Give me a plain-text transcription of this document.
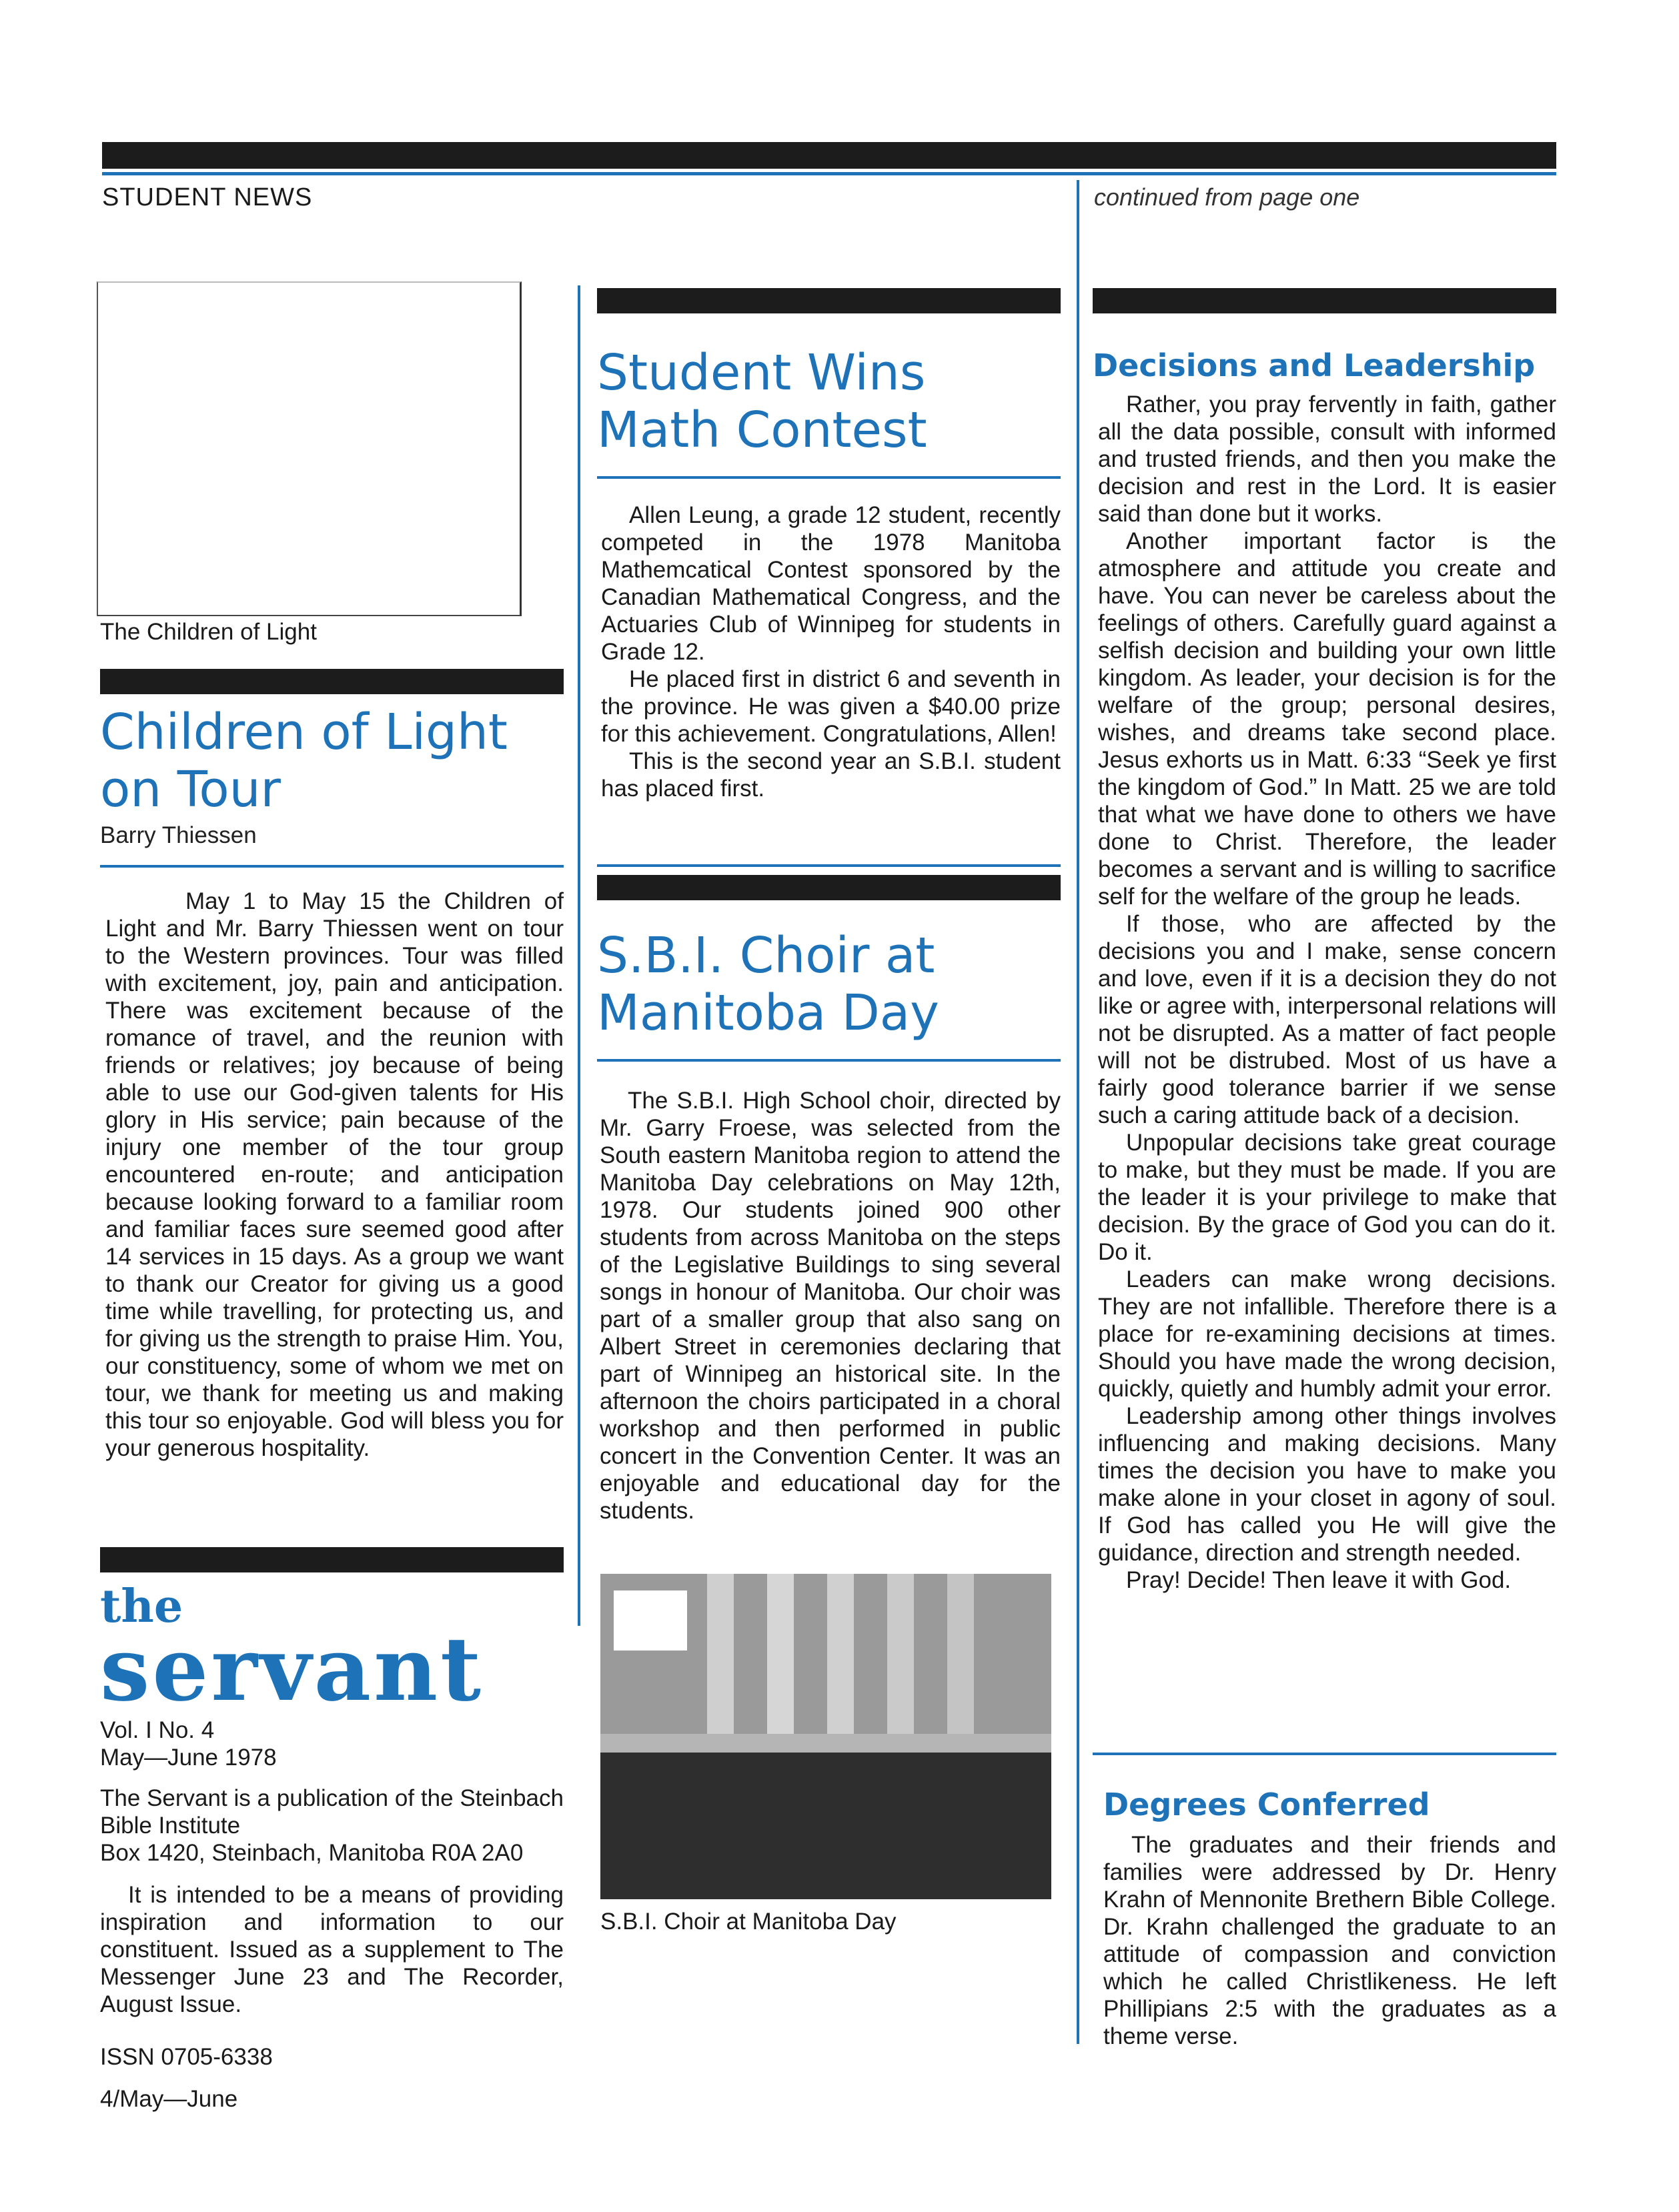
STUDENT NEWS	continued from page one
The Children of Light
Children of Light on Tour
Barry Thiessen

May 1 to May 15 the Children of Light and Mr. Barry Thiessen went on tour to the Western provinces. Tour was filled with excitement, joy, pain and anticipation. There was excitement because of the romance of travel, and the reunion with friends or relatives; joy because of being able to use our God-given talents for His glory in His service; pain because of the injury one member of the tour group encountered en-route; and anticipation because looking forward to a familiar room and familiar faces sure seemed good after 14 services in 15 days. As a group we want to thank our Creator for giving us a good time while travelling, for protecting us, and for giving us the strength to praise Him. You, our constituency, some of whom we met on tour, we thank for meeting us and making this tour so enjoyable. God will bless you for your generous hospitality.

the
servant
Vol. I No. 4
May—June 1978
The Servant is a publication of the Steinbach Bible Institute
Box 1420, Steinbach, Manitoba R0A 2A0

It is intended to be a means of providing inspiration and information to our constituent. Issued as a supplement to The Messenger June 23 and The Recorder, August Issue.

ISSN 0705-6338
4/May—June
Student Wins Math Contest

Allen Leung, a grade 12 student, recently competed in the 1978 Manitoba Mathemcatical Contest sponsored by the Canadian Mathematical Congress, and the Actuaries Club of Winnipeg for students in Grade 12.

He placed first in district 6 and seventh in the province. He was given a $40.00 prize for this achievement. Congratulations, Allen!

This is the second year an S.B.I. student has placed first.

S.B.I. Choir at Manitoba Day

The S.B.I. High School choir, directed by Mr. Garry Froese, was selected from the South eastern Manitoba region to attend the Manitoba Day celebrations on May 12th, 1978. Our students joined 900 other students from across Manitoba on the steps of the Legislative Buildings to sing several songs in honour of Manitoba. Our choir was part of a smaller group that also sang on Albert Street in ceremonies declaring that part of Winnipeg an historical site. In the afternoon the choirs participated in a choral workshop and then performed in public concert in the Convention Center. It was an enjoyable and educational day for the students.

S.B.I. Choir at Manitoba Day
Decisions and Leadership

Rather, you pray fervently in faith, gather all the data possible, consult with informed and trusted friends, and then you make the decision and rest in the Lord. It is easier said than done but it works.

Another important factor is the atmosphere and attitude you create and have. You can never be careless about the feelings of others. Carefully guard against a selfish decision and building your own little kingdom. As leader, your decision is for the welfare of the group; personal desires, wishes, and dreams take second place. Jesus exhorts us in Matt. 6:33 “Seek ye first the kingdom of God.” In Matt. 25 we are told that what we have done to others we have done to Christ. Therefore, the leader becomes a servant and is willing to sacrifice self for the welfare of the group he leads.

If those, who are affected by the decisions you and I make, sense concern and love, even if it is a decision they do not like or agree with, interpersonal relations will not be disrupted. As a matter of fact people will not be distrubed. Most of us have a fairly good tolerance barrier if we sense such a caring attitude back of a decision.

Unpopular decisions take great courage to make, but they must be made. If you are the leader it is your privilege to make that decision. By the grace of God you can do it. Do it.

Leaders can make wrong decisions. They are not infallible. Therefore there is a place for re-examining decisions at times. Should you have made the wrong decision, quickly, quietly and humbly admit your error.

Leadership among other things involves influencing and making decisions. Many times the decision you have to make you make alone in your closet in agony of soul. If God has called you He will give the guidance, direction and strength needed.

Pray! Decide! Then leave it with God.

Degrees Conferred

The graduates and their friends and families were addressed by Dr. Henry Krahn of Mennonite Brethern Bible College. Dr. Krahn challenged the graduate to an attitude of compassion and conviction which he called Christlikeness. He left Phillipians 2:5 with the graduates as a theme verse.
